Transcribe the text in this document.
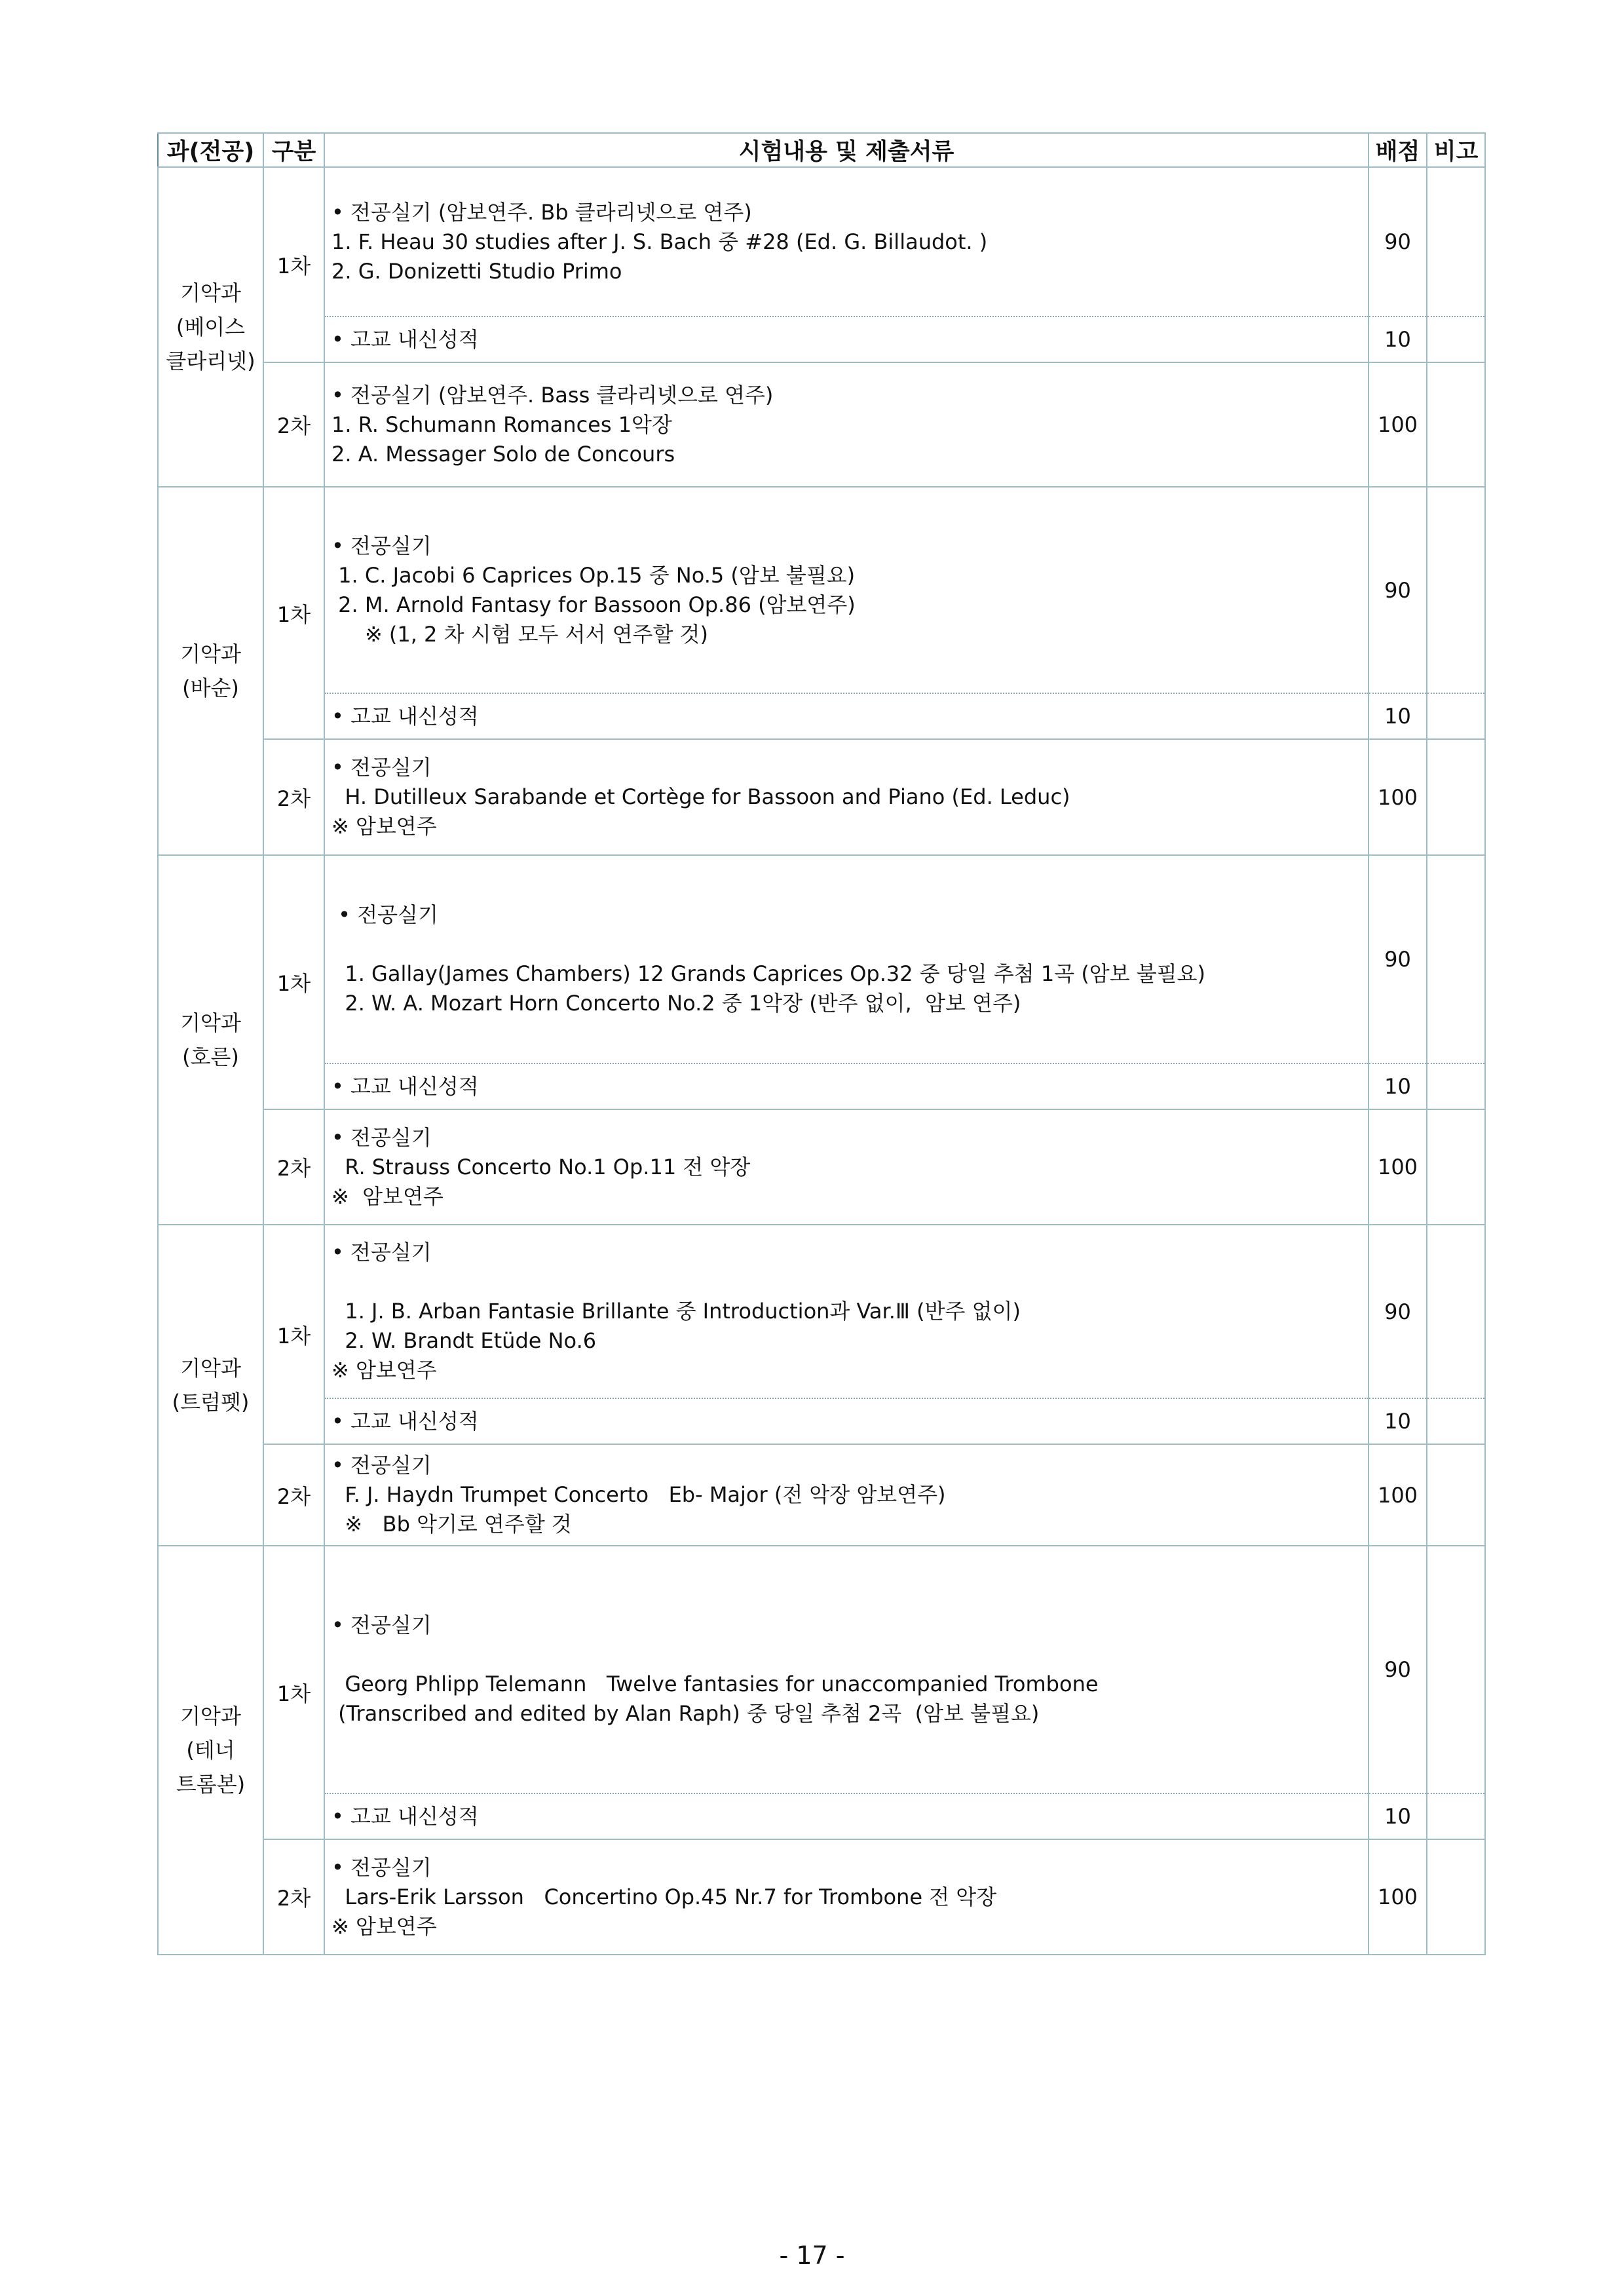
과(전공)	구분	시험내용 및 제출서류	배점	비고

기악과
(베이스
클라리넷)	1차	• 전공실기 (암보연주. Bb 클라리넷으로 연주)
1. F. Heau 30 studies after J. S. Bach 중 #28 (Ed. G. Billaudot. )
2. G. Donizetti Studio Primo	90	
		• 고교 내신성적	10	
	2차	• 전공실기 (암보연주. Bass 클라리넷으로 연주)
1. R. Schumann Romances 1악장
2. A. Messager Solo de Concours	100	

기악과
(바순)	1차	• 전공실기
1. C. Jacobi 6 Caprices Op.15 중 No.5 (암보 불필요)
2. M. Arnold Fantasy for Bassoon Op.86 (암보연주)
※ (1, 2 차 시험 모두 서서 연주할 것)	90	
		• 고교 내신성적	10	
	2차	• 전공실기
H. Dutilleux Sarabande et Cortège for Bassoon and Piano (Ed. Leduc)
※ 암보연주	100	

기악과
(호른)	1차	• 전공실기
1. Gallay(James Chambers) 12 Grands Caprices Op.32 중 당일 추첨 1곡 (암보 불필요)
2. W. A. Mozart Horn Concerto No.2 중 1악장 (반주 없이,  암보 연주)	90	
		• 고교 내신성적	10	
	2차	• 전공실기
R. Strauss Concerto No.1 Op.11 전 악장
※  암보연주	100	

기악과
(트럼펫)	1차	• 전공실기
1. J. B. Arban Fantasie Brillante 중 Introduction과 Var.Ⅲ (반주 없이)
2. W. Brandt Etüde No.6
※ 암보연주	90	
		• 고교 내신성적	10	
	2차	• 전공실기
F. J. Haydn Trumpet Concerto   Eb- Major (전 악장 암보연주)
※   Bb 악기로 연주할 것	100	

기악과
(테너
트롬본)	1차	• 전공실기
Georg Phlipp Telemann   Twelve fantasies for unaccompanied Trombone
(Transcribed and edited by Alan Raph) 중 당일 추첨 2곡  (암보 불필요)	90	
		• 고교 내신성적	10	
	2차	• 전공실기
Lars-Erik Larsson   Concertino Op.45 Nr.7 for Trombone 전 악장
※ 암보연주	100	
- 17 -
